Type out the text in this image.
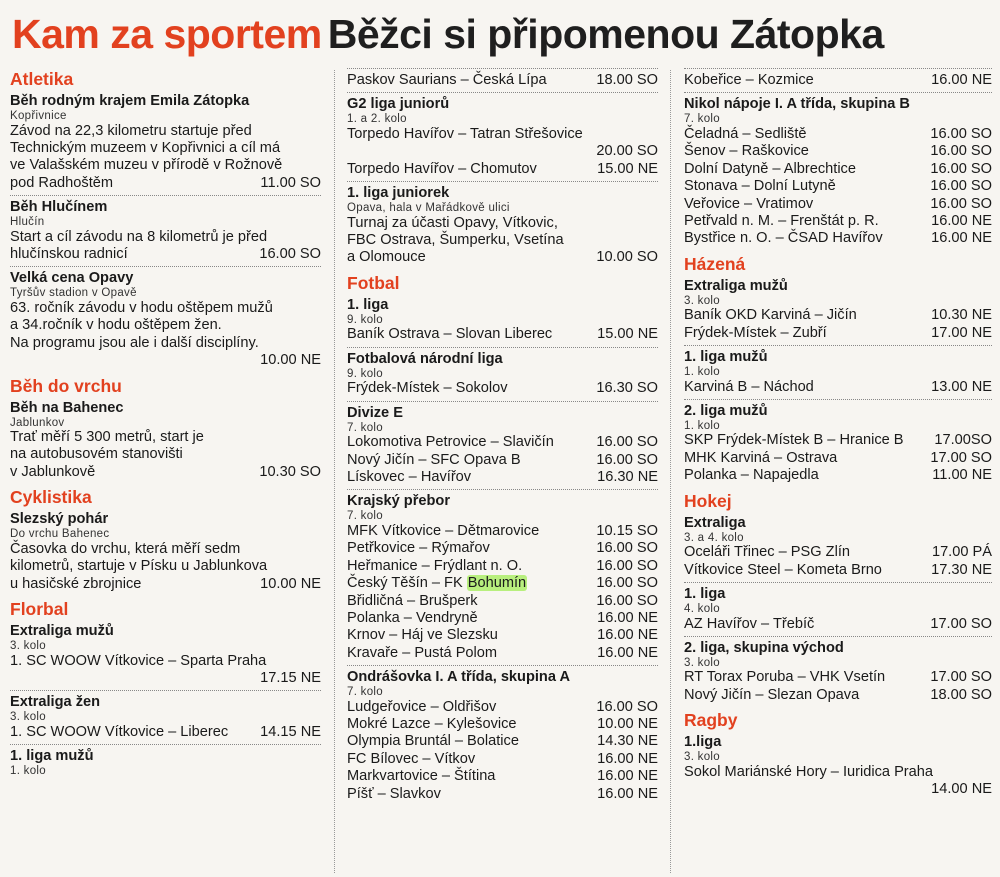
Kam za sportem Běžci si připomenou Zátopka
Atletika
Běh rodným krajem Emila Zátopka
Kopřivnice
Závod na 22,3 kilometru startuje před
Technickým muzeem v Kopřivnici a cíl má
ve Valašském muzeu v přírodě v Rožnově
pod Radhoštěm	11.00 SO
Běh Hlučínem
Hlučín
Start a cíl závodu na 8 kilometrů je před
hlučínskou radnicí	16.00 SO
Velká cena Opavy
Tyršův stadion v Opavě
63. ročník závodu v hodu oštěpem mužů
a 34.ročník v hodu oštěpem žen.
Na programu jsou ale i další disciplíny.
10.00 NE
Běh do vrchu
Běh na Bahenec
Jablunkov
Trať měří 5 300 metrů, start je
na autobusovém stanovišti
v Jablunkově	10.30 SO
Cyklistika
Slezský pohár
Do vrchu Bahenec
Časovka do vrchu, která měří sedm
kilometrů, startuje v Písku u Jablunkova
u hasičské zbrojnice	10.00 NE
Florbal
Extraliga mužů
3. kolo
1. SC WOOW Vítkovice – Sparta Praha
17.15 NE
Extraliga žen
3. kolo
1. SC WOOW Vítkovice – Liberec	14.15 NE
1. liga mužů
1. kolo
Paskov Saurians – Česká Lípa	18.00 SO
G2 liga juniorů
1. a 2. kolo
Torpedo Havířov – Tatran Střešovice
20.00 SO
Torpedo Havířov – Chomutov	15.00 NE
1. liga juniorek
Opava, hala v Mařádkově ulici
Turnaj za účasti Opavy, Vítkovic,
FBC Ostrava, Šumperku, Vsetína
a Olomouce	10.00 SO
Fotbal
1. liga
9. kolo
Baník Ostrava – Slovan Liberec	15.00 NE
Fotbalová národní liga
9. kolo
Frýdek-Místek – Sokolov	16.30 SO
Divize E
7. kolo
Lokomotiva Petrovice – Slavičín	16.00 SO
Nový Jičín – SFC Opava B	16.00 SO
Lískovec – Havířov	16.30 NE
Krajský přebor
7. kolo
MFK Vítkovice – Dětmarovice	10.15 SO
Petřkovice – Rýmařov	16.00 SO
Heřmanice – Frýdlant n. O.	16.00 SO
Český Těšín – FK Bohumín	16.00 SO
Břidličná – Brušperk	16.00 SO
Polanka – Vendryně	16.00 NE
Krnov – Háj ve Slezsku	16.00 NE
Kravaře – Pustá Polom	16.00 NE
Ondrášovka I. A třída, skupina A
7. kolo
Ludgeřovice – Oldřišov	16.00 SO
Mokré Lazce – Kylešovice	10.00 NE
Olympia Bruntál – Bolatice	14.30 NE
FC Bílovec – Vítkov	16.00 NE
Markvartovice – Štítina	16.00 NE
Píšť – Slavkov	16.00 NE
Kobeřice – Kozmice	16.00 NE
Nikol nápoje I. A třída, skupina B
7. kolo
Čeladná – Sedliště	16.00 SO
Šenov – Raškovice	16.00 SO
Dolní Datyně – Albrechtice	16.00 SO
Stonava – Dolní Lutyně	16.00 SO
Veřovice – Vratimov	16.00 SO
Petřvald n. M. – Frenštát p. R.	16.00 NE
Bystřice n. O. – ČSAD Havířov	16.00 NE
Házená
Extraliga mužů
3. kolo
Baník OKD Karviná – Jičín	10.30 NE
Frýdek-Místek – Zubří	17.00 NE
1. liga mužů
1. kolo
Karviná B – Náchod	13.00 NE
2. liga mužů
1. kolo
SKP Frýdek-Místek B – Hranice B	17.00SO
MHK Karviná – Ostrava	17.00 SO
Polanka – Napajedla	11.00 NE
Hokej
Extraliga
3. a 4. kolo
Oceláři Třinec – PSG Zlín	17.00 PÁ
Vítkovice Steel – Kometa Brno	17.30 NE
1. liga
4. kolo
AZ Havířov – Třebíč	17.00 SO
2. liga, skupina východ
3. kolo
RT Torax Poruba – VHK Vsetín	17.00 SO
Nový Jičín – Slezan Opava	18.00 SO
Ragby
1.liga
3. kolo
Sokol Mariánské Hory – Iuridica Praha
14.00 NE
